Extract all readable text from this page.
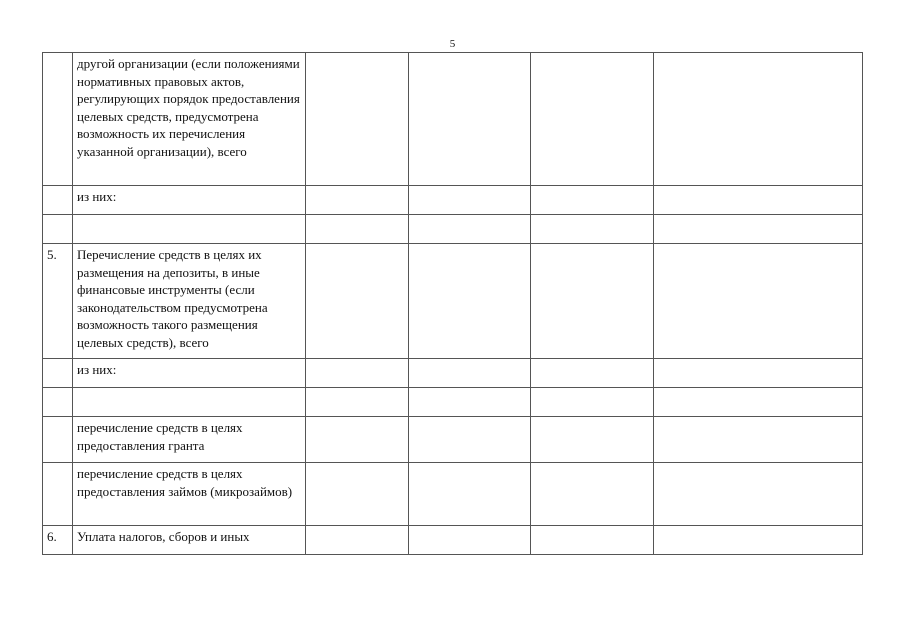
5
	другой организации (если положениями нормативных правовых актов, регулирующих порядок предоставления целевых средств, предусмотрена возможность их перечисления указанной организации), всего				
	из них:				

5.	Перечисление средств в целях их размещения на депозиты, в иные финансовые инструменты (если законодательством предусмотрена возможность такого размещения целевых средств), всего				
	из них:				

	перечисление средств в целях предоставления гранта				
	перечисление средств в целях предоставления займов (микрозаймов)				
6.	Уплата налогов, сборов и иных				
